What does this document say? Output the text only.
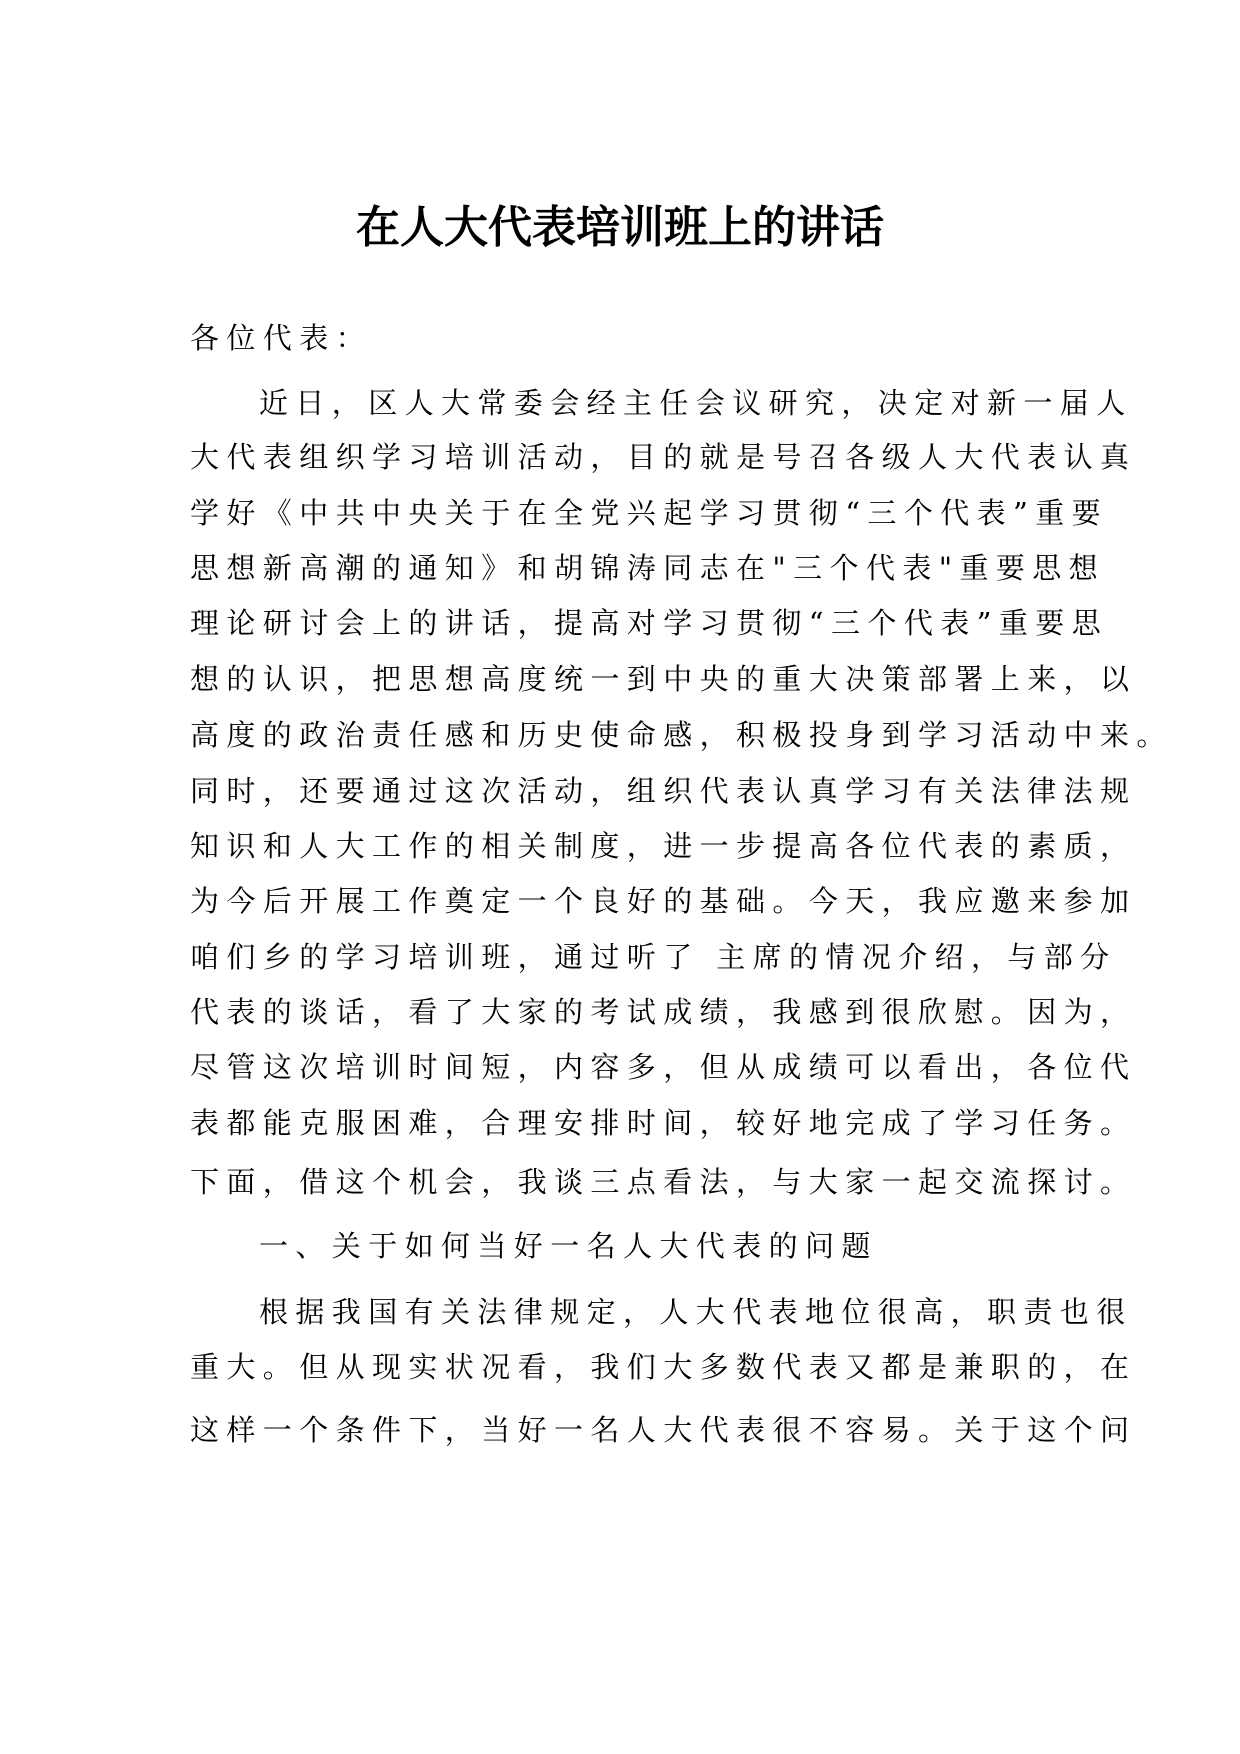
在人大代表培训班上的讲话
各位代表：
近日，区人大常委会经主任会议研究，决定对新一届人
大代表组织学习培训活动，目的就是号召各级人大代表认真
学好《中共中央关于在全党兴起学习贯彻“三个代表”重要
思想新高潮的通知》和胡锦涛同志在"三个代表"重要思想
理论研讨会上的讲话，提高对学习贯彻“三个代表”重要思
想的认识，把思想高度统一到中央的重大决策部署上来，以
高度的政治责任感和历史使命感，积极投身到学习活动中来。
同时，还要通过这次活动，组织代表认真学习有关法律法规
知识和人大工作的相关制度，进一步提高各位代表的素质，
为今后开展工作奠定一个良好的基础。今天，我应邀来参加
咱们乡的学习培训班，通过听了 主席的情况介绍，与部分
代表的谈话，看了大家的考试成绩，我感到很欣慰。因为，
尽管这次培训时间短，内容多，但从成绩可以看出，各位代
表都能克服困难，合理安排时间，较好地完成了学习任务。
下面，借这个机会，我谈三点看法，与大家一起交流探讨。
一、关于如何当好一名人大代表的问题
根据我国有关法律规定，人大代表地位很高，职责也很
重大。但从现实状况看，我们大多数代表又都是兼职的，在
这样一个条件下，当好一名人大代表很不容易。关于这个问
